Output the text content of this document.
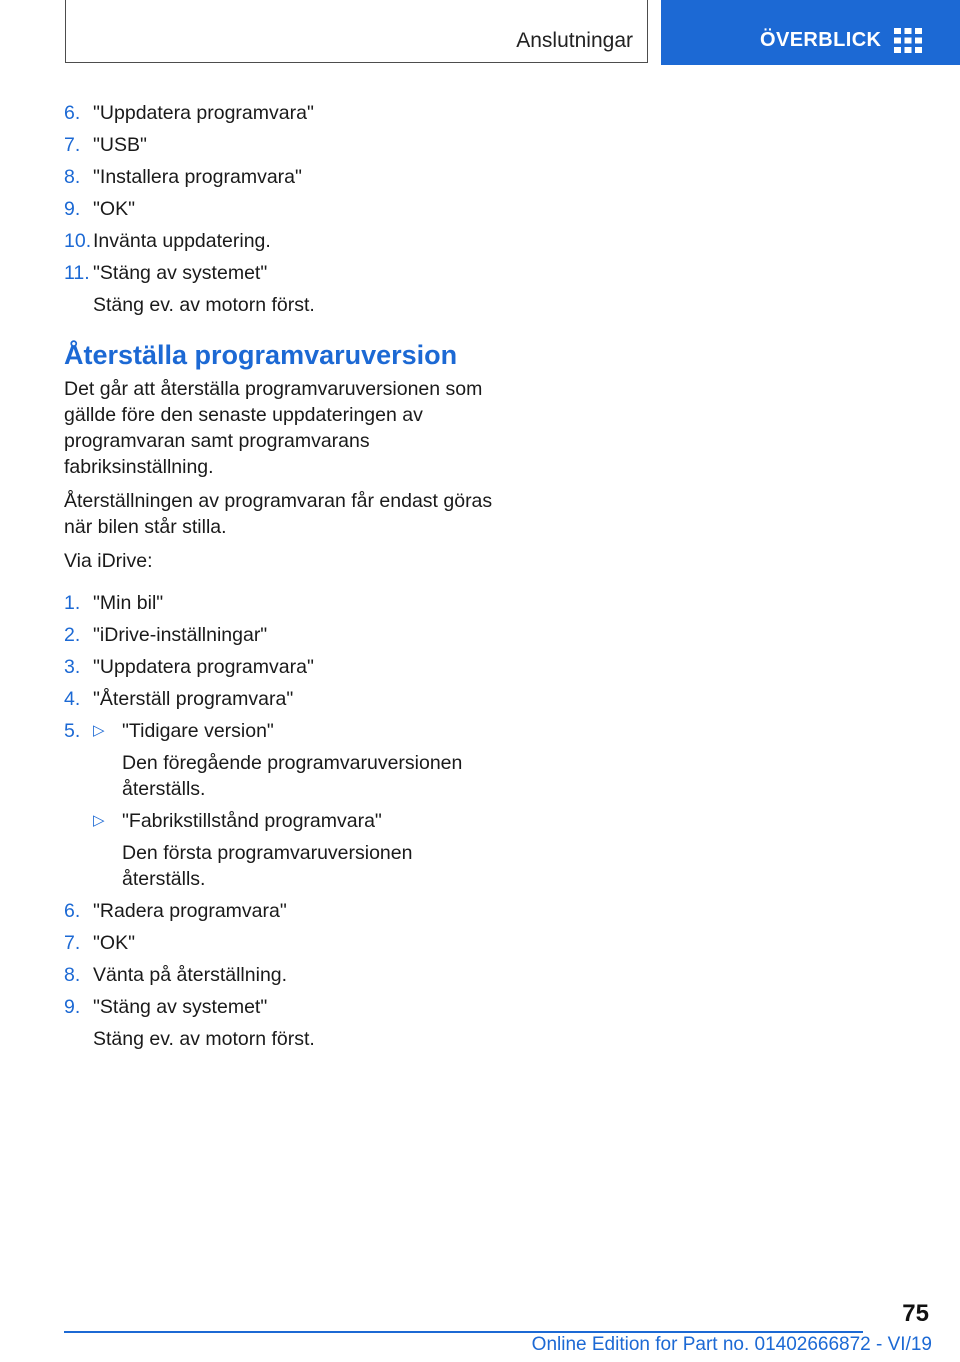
Anslutningar	ÖVERBLICK
6. "Uppdatera programvara"
7. "USB"
8. "Installera programvara"
9. "OK"
10. Invänta uppdatering.
11. "Stäng av systemet"
Stäng ev. av motorn först.
Återställa programvaruversion

Det går att återställa programvaruversionen som gällde före den senaste uppdateringen av programvaran samt programvarans fabriksinställning.

Återställningen av programvaran får endast göras när bilen står stilla.

Via iDrive:

1. "Min bil"
2. "iDrive-inställningar"
3. "Uppdatera programvara"
4. "Återställ programvara"
5. ▷ "Tidigare version"
Den föregående programvaruversionen återställs.
▷ "Fabrikstillstånd programvara"
Den första programvaruversionen återställs.
6. "Radera programvara"
7. "OK"
8. Vänta på återställning.
9. "Stäng av systemet"
Stäng ev. av motorn först.
75
Online Edition for Part no. 01402666872 - VI/19
